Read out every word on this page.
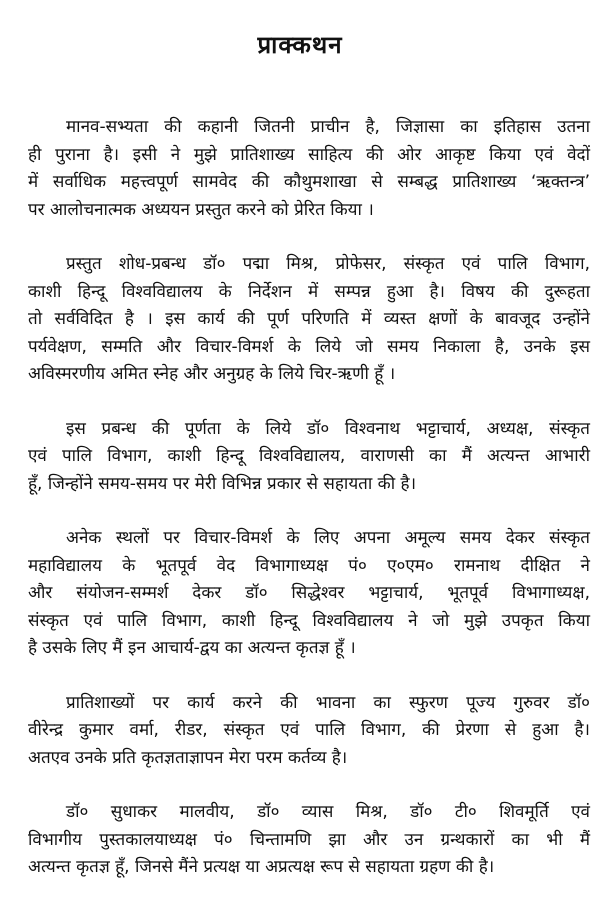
प्राक्कथन
मानव-सभ्यता की कहानी जितनी प्राचीन है, जिज्ञासा का इतिहास उतना
ही पुराना है। इसी ने मुझे प्रातिशाख्य साहित्य की ओर आकृष्ट किया एवं वेदों
में सर्वाधिक महत्त्वपूर्ण सामवेद की कौथुमशाखा से सम्बद्ध प्रातिशाख्य ‘ऋक्तन्त्र’
पर आलोचनात्मक अध्ययन प्रस्तुत करने को प्रेरित किया ।
प्रस्तुत शोध-प्रबन्ध डॉ० पद्मा मिश्र, प्रोफेसर, संस्कृत एवं पालि विभाग,
काशी हिन्दू विश्वविद्यालय के निर्देशन में सम्पन्न हुआ है। विषय की दुरूहता
तो सर्वविदित है । इस कार्य की पूर्ण परिणति में व्यस्त क्षणों के बावजूद उन्होंने
पर्यवेक्षण, सम्मति और विचार-विमर्श के लिये जो समय निकाला है, उनके इस
अविस्मरणीय अमित स्नेह और अनुग्रह के लिये चिर-ऋणी हूँ ।
इस प्रबन्ध की पूर्णता के लिये डॉ० विश्वनाथ भट्टाचार्य, अध्यक्ष, संस्कृत
एवं पालि विभाग, काशी हिन्दू विश्वविद्यालय, वाराणसी का मैं अत्यन्त आभारी
हूँ, जिन्होंने समय-समय पर मेरी विभिन्न प्रकार से सहायता की है।
अनेक स्थलों पर विचार-विमर्श के लिए अपना अमूल्य समय देकर संस्कृत
महाविद्यालय के भूतपूर्व वेद विभागाध्यक्ष पं० ए०एम० रामनाथ दीक्षित ने
और संयोजन-सम्मर्श देकर डॉ० सिद्धेश्वर भट्टाचार्य, भूतपूर्व विभागाध्यक्ष,
संस्कृत एवं पालि विभाग, काशी हिन्दू विश्वविद्यालय ने जो मुझे उपकृत किया
है उसके लिए मैं इन आचार्य-द्वय का अत्यन्त कृतज्ञ हूँ ।
प्रातिशाख्यों पर कार्य करने की भावना का स्फुरण पूज्य गुरुवर डॉ०
वीरेन्द्र कुमार वर्मा, रीडर, संस्कृत एवं पालि विभाग, की प्रेरणा से हुआ है।
अतएव उनके प्रति कृतज्ञताज्ञापन मेरा परम कर्तव्य है।
डॉ० सुधाकर मालवीय, डॉ० व्यास मिश्र, डॉ० टी० शिवमूर्ति एवं
विभागीय पुस्तकालयाध्यक्ष पं० चिन्तामणि झा और उन ग्रन्थकारों का भी मैं
अत्यन्त कृतज्ञ हूँ, जिनसे मैंने प्रत्यक्ष या अप्रत्यक्ष रूप से सहायता ग्रहण की है।
